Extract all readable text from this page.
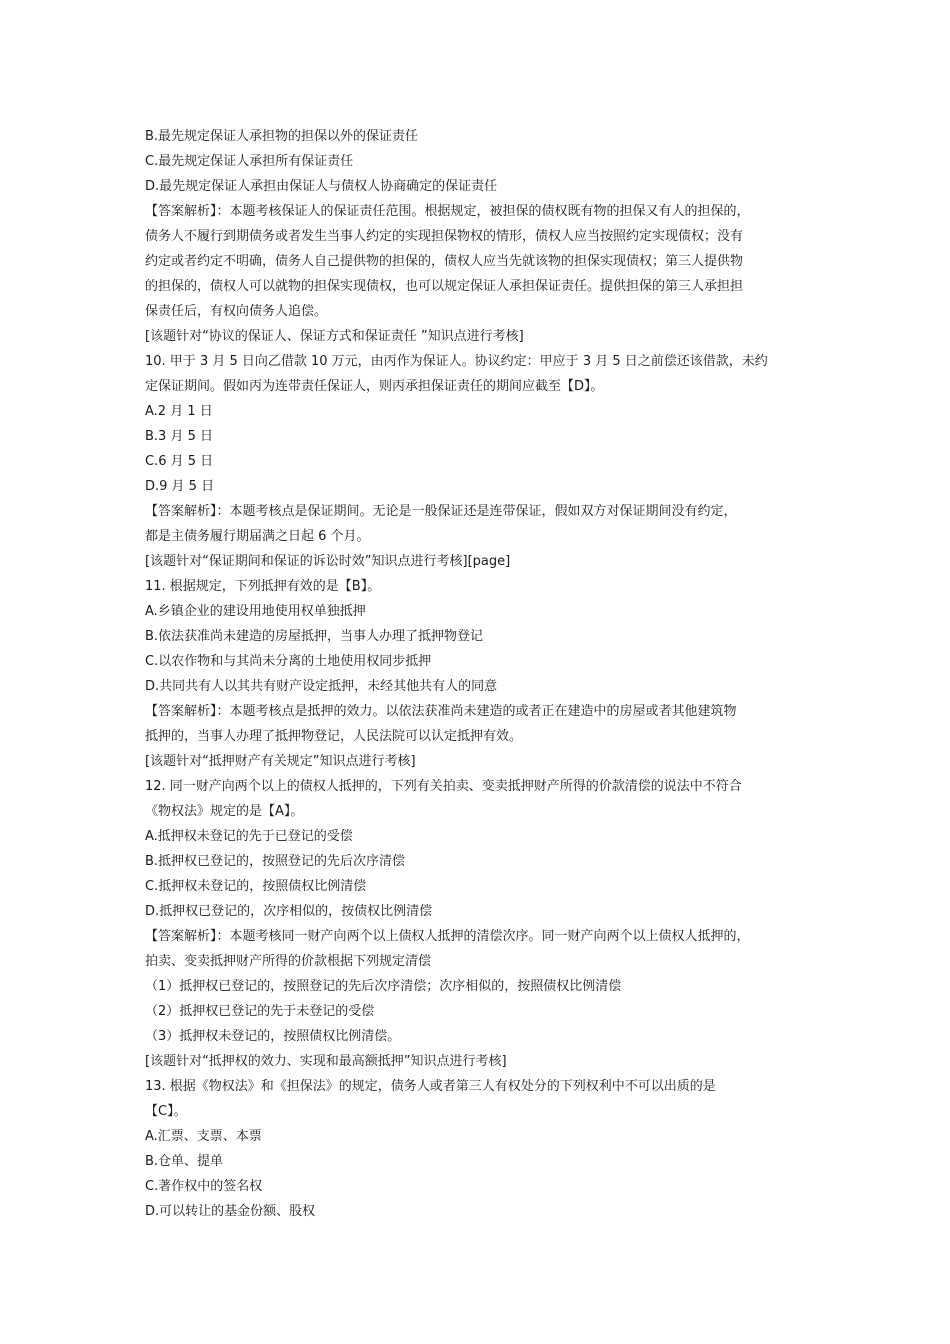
B.最先规定保证人承担物的担保以外的保证责任
C.最先规定保证人承担所有保证责任
D.最先规定保证人承担由保证人与债权人协商确定的保证责任
【答案解析】：本题考核保证人的保证责任范围。根据规定，被担保的债权既有物的担保又有人的担保的，
债务人不履行到期债务或者发生当事人约定的实现担保物权的情形，债权人应当按照约定实现债权；没有
约定或者约定不明确，债务人自己提供物的担保的，债权人应当先就该物的担保实现债权；第三人提供物
的担保的，债权人可以就物的担保实现债权，也可以规定保证人承担保证责任。提供担保的第三人承担担
保责任后，有权向债务人追偿。
[该题针对“协议的保证人、保证方式和保证责任 ”知识点进行考核]
10. 甲于 3 月 5 日向乙借款 10 万元，由丙作为保证人。协议约定：甲应于 3 月 5 日之前偿还该借款，未约
定保证期间。假如丙为连带责任保证人，则丙承担保证责任的期间应截至【D】。
A.2 月 1 日
B.3 月 5 日
C.6 月 5 日
D.9 月 5 日
【答案解析】：本题考核点是保证期间。无论是一般保证还是连带保证，假如双方对保证期间没有约定，
都是主债务履行期届满之日起 6 个月。
[该题针对“保证期间和保证的诉讼时效”知识点进行考核][page]
11. 根据规定，下列抵押有效的是【B】。
A.乡镇企业的建设用地使用权单独抵押
B.依法获准尚未建造的房屋抵押，当事人办理了抵押物登记
C.以农作物和与其尚未分离的土地使用权同步抵押
D.共同共有人以其共有财产设定抵押，未经其他共有人的同意
【答案解析】：本题考核点是抵押的效力。以依法获准尚未建造的或者正在建造中的房屋或者其他建筑物
抵押的，当事人办理了抵押物登记，人民法院可以认定抵押有效。
[该题针对“抵押财产有关规定”知识点进行考核]
12. 同一财产向两个以上的债权人抵押的，下列有关拍卖、变卖抵押财产所得的价款清偿的说法中不符合
《物权法》规定的是【A】。
A.抵押权未登记的先于已登记的受偿
B.抵押权已登记的，按照登记的先后次序清偿
C.抵押权未登记的，按照债权比例清偿
D.抵押权已登记的，次序相似的，按债权比例清偿
【答案解析】：本题考核同一财产向两个以上债权人抵押的清偿次序。同一财产向两个以上债权人抵押的，
拍卖、变卖抵押财产所得的价款根据下列规定清偿
（1）抵押权已登记的，按照登记的先后次序清偿；次序相似的，按照债权比例清偿
（2）抵押权已登记的先于未登记的受偿
（3）抵押权未登记的，按照债权比例清偿。
[该题针对“抵押权的效力、实现和最高额抵押”知识点进行考核]
13. 根据《物权法》和《担保法》的规定，债务人或者第三人有权处分的下列权利中不可以出质的是
【C】。
A.汇票、支票、本票
B.仓单、提单
C.著作权中的签名权
D.可以转让的基金份额、股权
